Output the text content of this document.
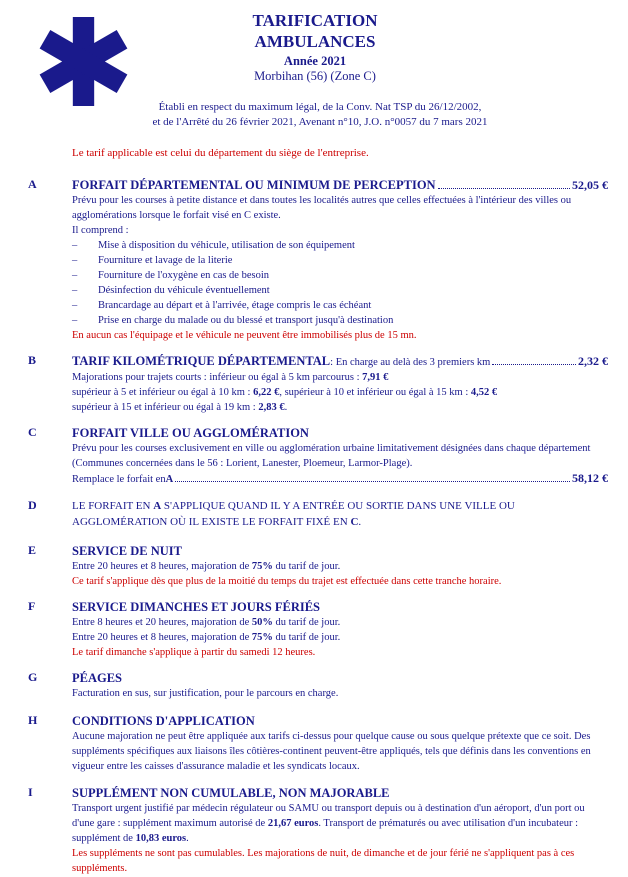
TARIFICATION
AMBULANCES
Année 2021
Morbihan (56) (Zone C)
Établi en respect du maximum légal, de la Conv. Nat TSP du 26/12/2002,
et de l'Arrêté du 26 février 2021, Avenant n°10, J.O. n°0057 du 7 mars 2021
Le tarif applicable est celui du département du siège de l'entreprise.
A	FORFAIT DÉPARTEMENTAL OU MINIMUM DE PERCEPTION	52,05 €
Prévu pour les courses à petite distance et dans toutes les localités autres que celles effectuées à l'intérieur des villes ou agglomérations lorsque le forfait visé en C existe.
Il comprend :
–	Mise à disposition du véhicule, utilisation de son équipement
–	Fourniture et lavage de la literie
–	Fourniture de l'oxygène en cas de besoin
–	Désinfection du véhicule éventuellement
–	Brancardage au départ et à l'arrivée, étage compris le cas échéant
–	Prise en charge du malade ou du blessé et transport jusqu'à destination
En aucun cas l'équipage et le véhicule ne peuvent être immobilisés plus de 15 mn.
B	TARIF KILOMÉTRIQUE DÉPARTEMENTAL : En charge au delà des 3 premiers km	2,32 €
Majorations pour trajets courts : inférieur ou égal à 5 km parcourus : 7,91 €
supérieur à 5 et inférieur ou égal à 10 km : 6,22 €, supérieur à 10 et inférieur ou égal à 15 km : 4,52 €
supérieur à 15 et inférieur ou égal à 19 km : 2,83 €.
C	FORFAIT VILLE OU AGGLOMÉRATION
Prévu pour les courses exclusivement en ville ou agglomération urbaine limitativement désignées dans chaque département (Communes concernées dans le 56 : Lorient, Lanester, Ploemeur, Larmor-Plage).
Remplace le forfait en A	58,12 €
D	LE FORFAIT EN A S'APPLIQUE QUAND IL Y A ENTRÉE OU SORTIE DANS UNE VILLE OU AGGLOMÉRATION OÙ IL EXISTE LE FORFAIT FIXÉ EN C.
E	SERVICE DE NUIT
Entre 20 heures et 8 heures, majoration de 75% du tarif de jour.
Ce tarif s'applique dès que plus de la moitié du temps du trajet est effectuée dans cette tranche horaire.
F	SERVICE DIMANCHES ET JOURS FÉRIÉS
Entre 8 heures et 20 heures, majoration de 50% du tarif de jour.
Entre 20 heures et 8 heures, majoration de 75% du tarif de jour.
Le tarif dimanche s'applique à partir du samedi 12 heures.
G	PÉAGES
Facturation en sus, sur justification, pour le parcours en charge.
H	CONDITIONS D'APPLICATION
Aucune majoration ne peut être appliquée aux tarifs ci-dessus pour quelque cause ou sous quelque prétexte que ce soit. Des suppléments spécifiques aux liaisons îles côtières-continent peuvent-être appliqués, tels que définis dans les conventions en vigueur entre les caisses d'assurance maladie et les syndicats locaux.
I	SUPPLÉMENT NON CUMULABLE, NON MAJORABLE
Transport urgent justifié par médecin régulateur ou SAMU ou transport depuis ou à destination d'un aéroport, d'un port ou d'une gare : supplément maximum autorisé de 21,67 euros. Transport de prématurés ou avec utilisation d'un incubateur : supplément de 10,83 euros.
Les suppléments ne sont pas cumulables. Les majorations de nuit, de dimanche et de jour férié ne s'appliquent pas à ces suppléments.
